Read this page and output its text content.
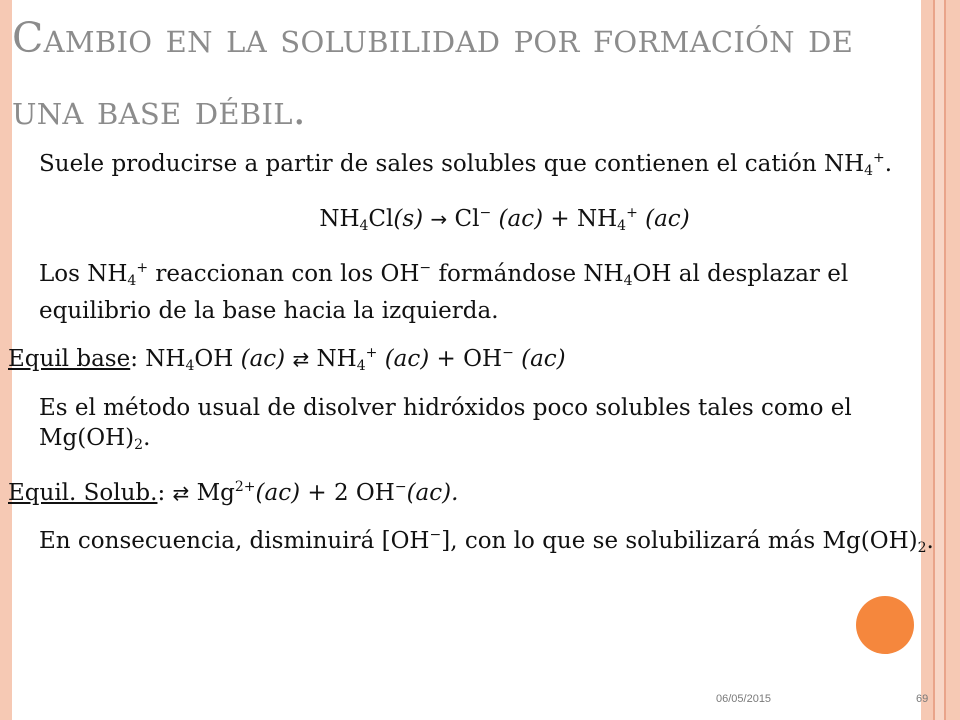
Cambio en la solubilidad por formación de
una base débil.

Suele producirse a partir de sales solubles que contienen el catión $NH_4^+$.

$NH_4Cl(s) \to Cl^-$ $(ac) + NH_4^+$ (ac)

Los $NH_4^+$ reaccionan con los OH− formándose $NH_4OH$ al desplazar el equilibrio de la base hacia la izquierda.

Equil base: $NH_4OH$ (ac) ⇄ $NH_4^+$ (ac) + OH− (ac)

Es el método usual de disolver hidróxidos poco solubles tales como el $Mg(OH)_2$.

Equil. Solub.: ⇄ $Mg^{2+}(ac) + 2$ OH−(ac).

En consecuencia, disminuirá [OH−], con lo que se solubilizará más $Mg(OH)_2$.

06/05/2015	69
